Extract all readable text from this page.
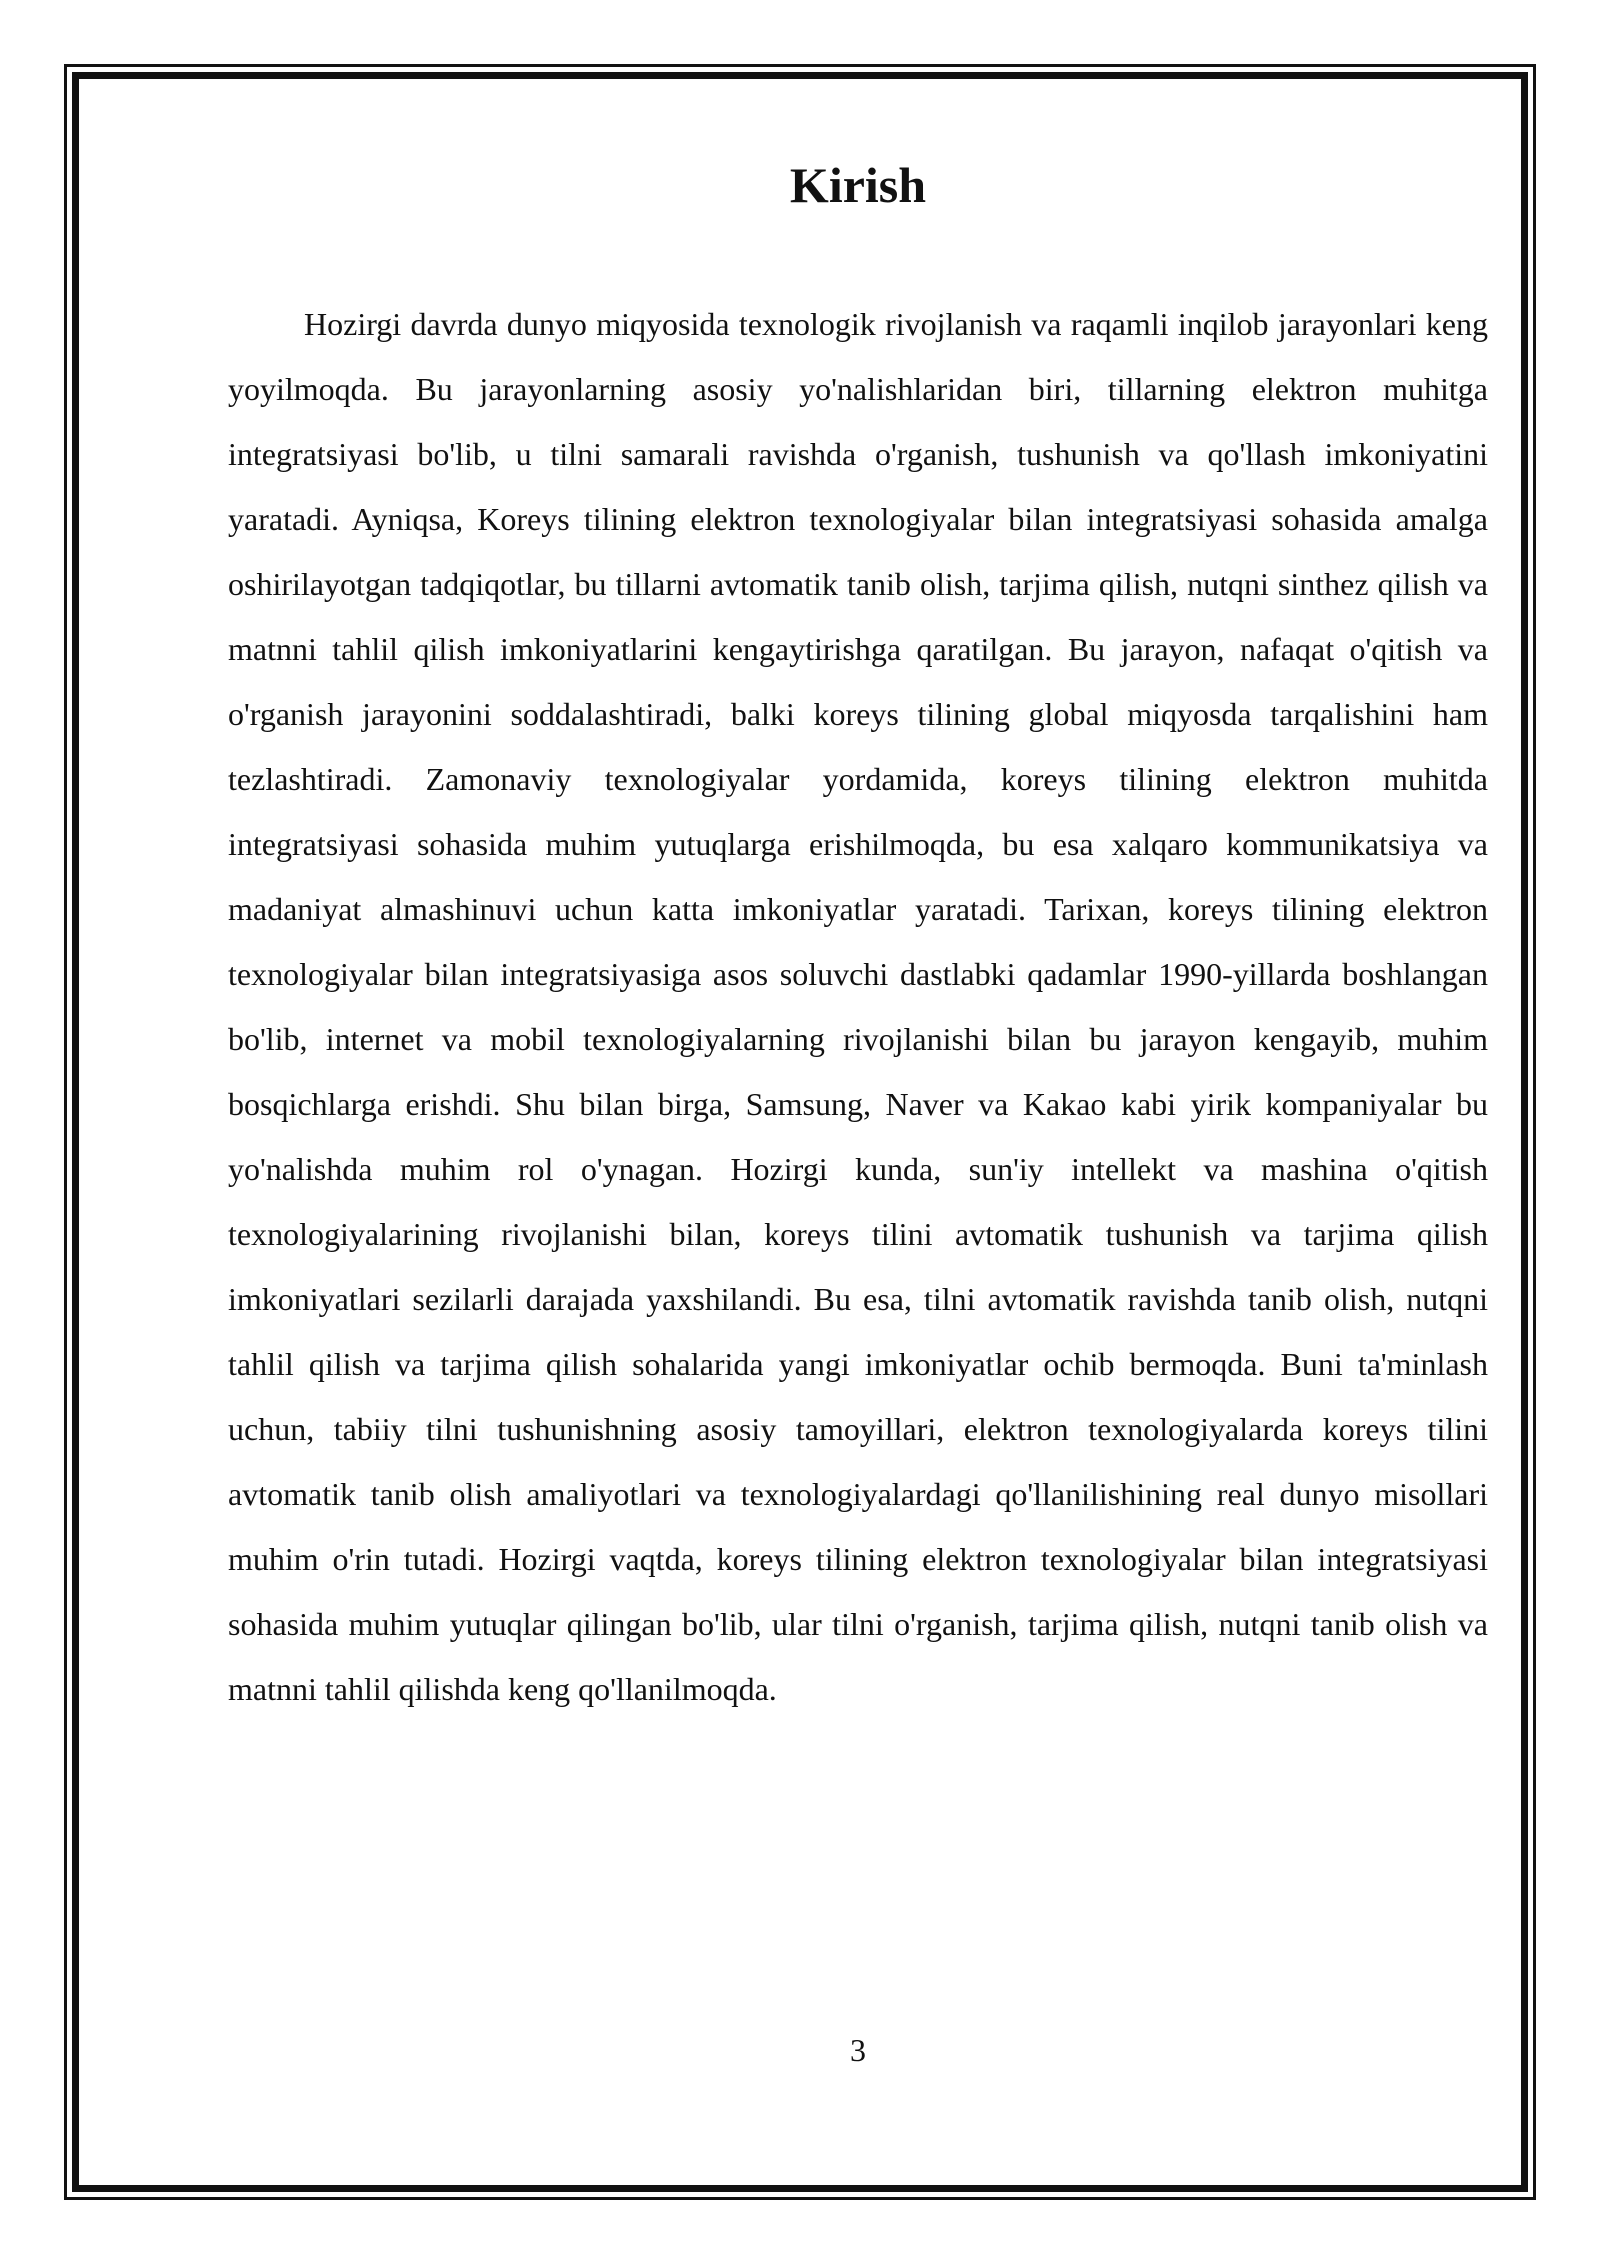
Kirish

Hozirgi davrda dunyo miqyosida texnologik rivojlanish va raqamli inqilob jarayonlari keng yoyilmoqda. Bu jarayonlarning asosiy yo'nalishlaridan biri, tillarning elektron muhitga integratsiyasi bo'lib, u tilni samarali ravishda o'rganish, tushunish va qo'llash imkoniyatini yaratadi. Ayniqsa, Koreys tilining elektron texnologiyalar bilan integratsiyasi sohasida amalga oshirilayotgan tadqiqotlar, bu tillarni avtomatik tanib olish, tarjima qilish, nutqni sinthez qilish va matnni tahlil qilish imkoniyatlarini kengaytirishga qaratilgan. Bu jarayon, nafaqat o'qitish va o'rganish jarayonini soddalashtiradi, balki koreys tilining global miqyosda tarqalishini ham tezlashtiradi. Zamonaviy texnologiyalar yordamida, koreys tilining elektron muhitda integratsiyasi sohasida muhim yutuqlarga erishilmoqda, bu esa xalqaro kommunikatsiya va madaniyat almashinuvi uchun katta imkoniyatlar yaratadi. Tarixan, koreys tilining elektron texnologiyalar bilan integratsiyasiga asos soluvchi dastlabki qadamlar 1990-yillarda boshlangan bo'lib, internet va mobil texnologiyalarning rivojlanishi bilan bu jarayon kengayib, muhim bosqichlarga erishdi. Shu bilan birga, Samsung, Naver va Kakao kabi yirik kompaniyalar bu yo'nalishda muhim rol o'ynagan. Hozirgi kunda, sun'iy intellekt va mashina o'qitish texnologiyalarining rivojlanishi bilan, koreys tilini avtomatik tushunish va tarjima qilish imkoniyatlari sezilarli darajada yaxshilandi. Bu esa, tilni avtomatik ravishda tanib olish, nutqni tahlil qilish va tarjima qilish sohalarida yangi imkoniyatlar ochib bermoqda. Buni ta'minlash uchun, tabiiy tilni tushunishning asosiy tamoyillari, elektron texnologiyalarda koreys tilini avtomatik tanib olish amaliyotlari va texnologiyalardagi qo'llanilishining real dunyo misollari muhim o'rin tutadi. Hozirgi vaqtda, koreys tilining elektron texnologiyalar bilan integratsiyasi sohasida muhim yutuqlar qilingan bo'lib, ular tilni o'rganish, tarjima qilish, nutqni tanib olish va matnni tahlil qilishda keng qo'llanilmoqda.

3
